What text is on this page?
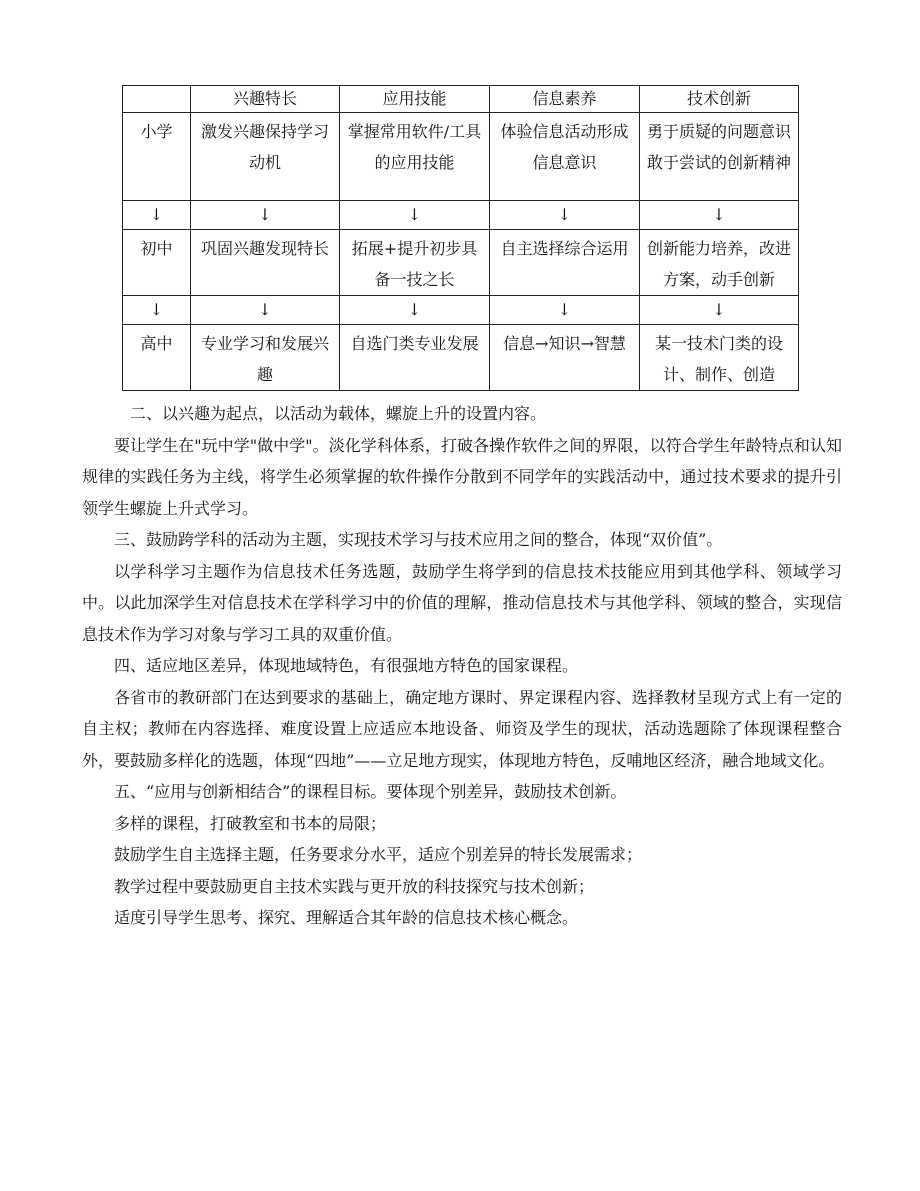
	兴趣特长	应用技能	信息素养	技术创新
小学	激发兴趣保持学习动机	掌握常用软件/工具的应用技能	体验信息活动形成信息意识	勇于质疑的问题意识敢于尝试的创新精神
↓	↓	↓	↓	↓
初中	巩固兴趣发现特长	拓展+提升初步具备一技之长	自主选择综合运用	创新能力培养，改进方案，动手创新
↓	↓	↓	↓	↓
高中	专业学习和发展兴趣	自选门类专业发展	信息→知识→智慧	某一技术门类的设计、制作、创造

二、以兴趣为起点，以活动为载体，螺旋上升的设置内容。

要让学生在"玩中学"做中学"。淡化学科体系，打破各操作软件之间的界限，以符合学生年龄特点和认知规律的实践任务为主线，将学生必须掌握的软件操作分散到不同学年的实践活动中，通过技术要求的提升引领学生螺旋上升式学习。

三、鼓励跨学科的活动为主题，实现技术学习与技术应用之间的整合，体现“双价值”。

以学科学习主题作为信息技术任务选题，鼓励学生将学到的信息技术技能应用到其他学科、领域学习中。以此加深学生对信息技术在学科学习中的价值的理解，推动信息技术与其他学科、领域的整合，实现信息技术作为学习对象与学习工具的双重价值。

四、适应地区差异，体现地域特色，有很强地方特色的国家课程。

各省市的教研部门在达到要求的基础上，确定地方课时、界定课程内容、选择教材呈现方式上有一定的自主权；教师在内容选择、难度设置上应适应本地设备、师资及学生的现状，活动选题除了体现课程整合外，要鼓励多样化的选题，体现“四地”——立足地方现实，体现地方特色，反哺地区经济，融合地域文化。

五、“应用与创新相结合”的课程目标。要体现个别差异，鼓励技术创新。

多样的课程，打破教室和书本的局限；

鼓励学生自主选择主题，任务要求分水平，适应个别差异的特长发展需求；

教学过程中要鼓励更自主技术实践与更开放的科技探究与技术创新；

适度引导学生思考、探究、理解适合其年龄的信息技术核心概念。
